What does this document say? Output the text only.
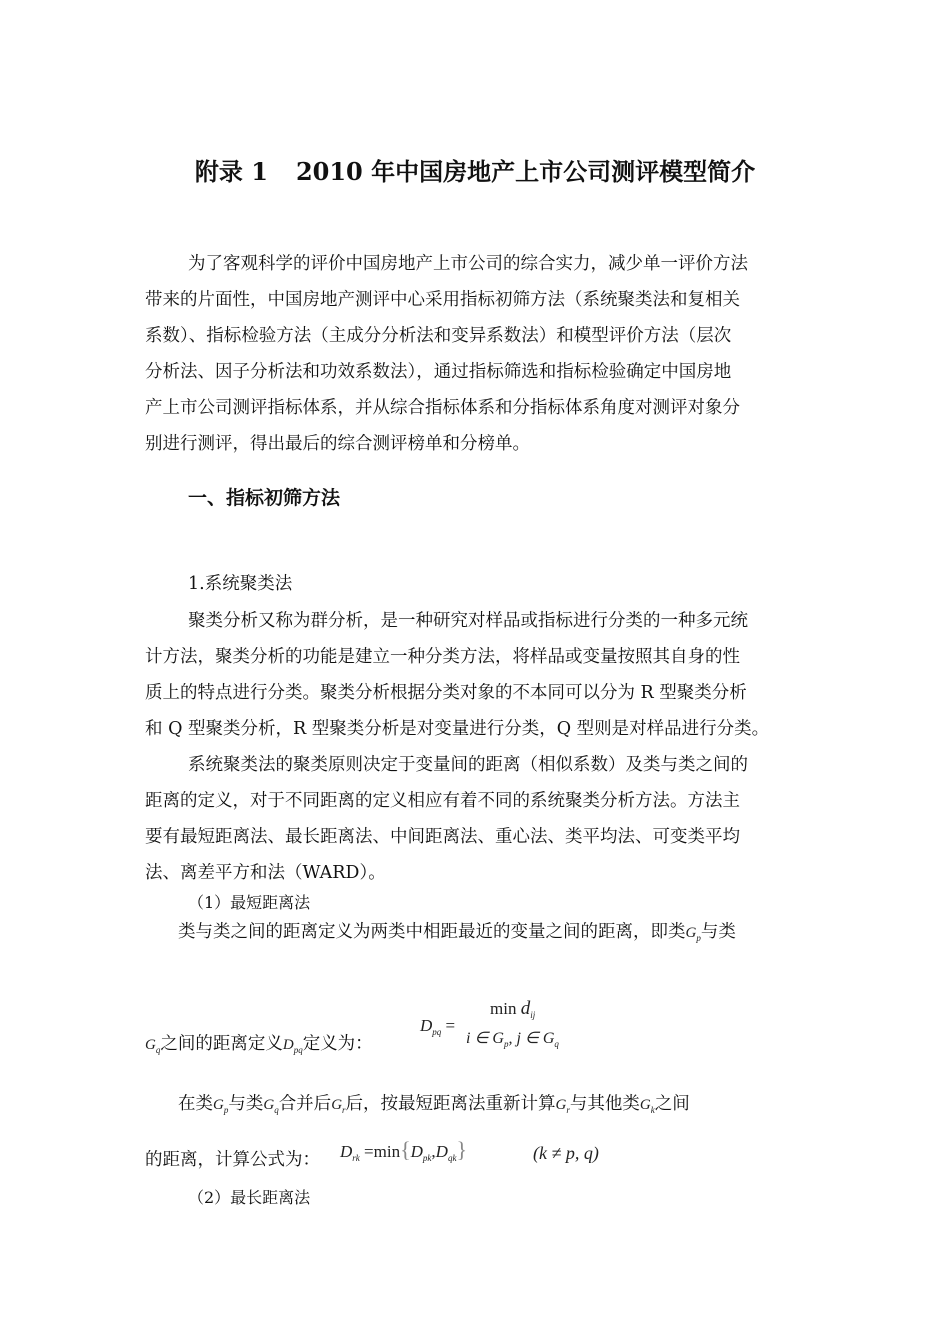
附录 1 2010 年中国房地产上市公司测评模型简介
为了客观科学的评价中国房地产上市公司的综合实力，减少单一评价方法
带来的片面性，中国房地产测评中心采用指标初筛方法（系统聚类法和复相关
系数）、指标检验方法（主成分分析法和变异系数法）和模型评价方法（层次
分析法、因子分析法和功效系数法），通过指标筛选和指标检验确定中国房地
产上市公司测评指标体系，并从综合指标体系和分指标体系角度对测评对象分
别进行测评，得出最后的综合测评榜单和分榜单。
一、指标初筛方法
1.系统聚类法
聚类分析又称为群分析，是一种研究对样品或指标进行分类的一种多元统
计方法，聚类分析的功能是建立一种分类方法，将样品或变量按照其自身的性
质上的特点进行分类。聚类分析根据分类对象的不本同可以分为 R 型聚类分析
和 Q 型聚类分析，R 型聚类分析是对变量进行分类，Q 型则是对样品进行分类。
系统聚类法的聚类原则决定于变量间的距离（相似系数）及类与类之间的
距离的定义，对于不同距离的定义相应有着不同的系统聚类分析方法。方法主
要有最短距离法、最长距离法、中间距离法、重心法、类平均法、可变类平均
法、离差平方和法（WARD）。
（1）最短距离法
类与类之间的距离定义为两类中相距最近的变量之间的距离，即类$G_p$与类
$G_q$之间的距离定义$D_{pq}$定义为：
$\min d_{ij}$
$D_{pq}$ =
i ∈ $G_p$, j ∈ $G_q$
在类$G_p$与类$G_q$合并后$G_r$后，按最短距离法重新计算$G_r$与其他类$G_k$之间
的距离，计算公式为： $D_{rk} =\min\{D_{pk},D_{qk}\}$	(k ≠ p, q)
（2）最长距离法
